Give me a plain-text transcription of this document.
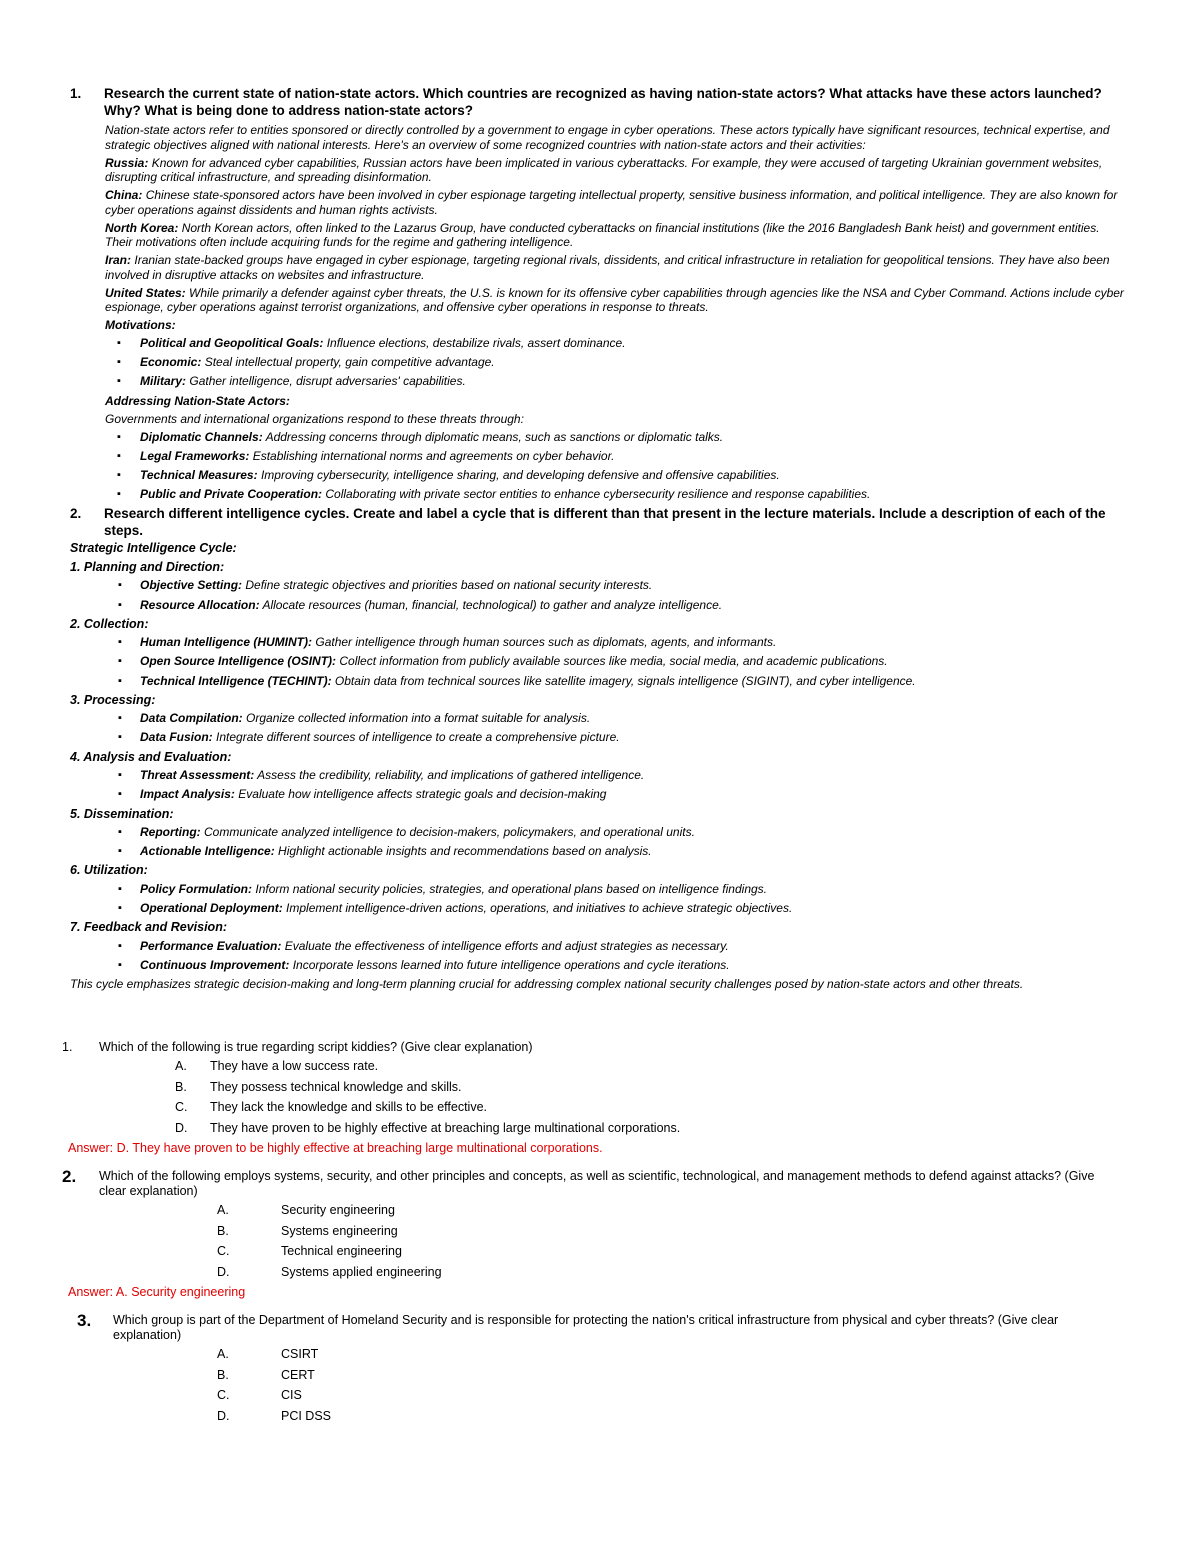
1.	Research the current state of nation-state actors. Which countries are recognized as having nation-state actors? What attacks have these actors launched? Why? What is being done to address nation-state actors?

Nation-state actors refer to entities sponsored or directly controlled by a government to engage in cyber operations. These actors typically have significant resources, technical expertise, and strategic objectives aligned with national interests. Here's an overview of some recognized countries with nation-state actors and their activities:

Russia: Known for advanced cyber capabilities, Russian actors have been implicated in various cyberattacks. For example, they were accused of targeting Ukrainian government websites, disrupting critical infrastructure, and spreading disinformation.

China: Chinese state-sponsored actors have been involved in cyber espionage targeting intellectual property, sensitive business information, and political intelligence. They are also known for cyber operations against dissidents and human rights activists.

North Korea: North Korean actors, often linked to the Lazarus Group, have conducted cyberattacks on financial institutions (like the 2016 Bangladesh Bank heist) and government entities. Their motivations often include acquiring funds for the regime and gathering intelligence.

Iran: Iranian state-backed groups have engaged in cyber espionage, targeting regional rivals, dissidents, and critical infrastructure in retaliation for geopolitical tensions. They have also been involved in disruptive attacks on websites and infrastructure.

United States: While primarily a defender against cyber threats, the U.S. is known for its offensive cyber capabilities through agencies like the NSA and Cyber Command. Actions include cyber espionage, cyber operations against terrorist organizations, and offensive cyber operations in response to threats.

Motivations:

▪ Political and Geopolitical Goals: Influence elections, destabilize rivals, assert dominance.
▪ Economic: Steal intellectual property, gain competitive advantage.
▪ Military: Gather intelligence, disrupt adversaries' capabilities.

Addressing Nation-State Actors:

Governments and international organizations respond to these threats through:

▪ Diplomatic Channels: Addressing concerns through diplomatic means, such as sanctions or diplomatic talks.
▪ Legal Frameworks: Establishing international norms and agreements on cyber behavior.
▪ Technical Measures: Improving cybersecurity, intelligence sharing, and developing defensive and offensive capabilities.
▪ Public and Private Cooperation: Collaborating with private sector entities to enhance cybersecurity resilience and response capabilities.
2.	Research different intelligence cycles. Create and label a cycle that is different than that present in the lecture materials. Include a description of each of the steps.

Strategic Intelligence Cycle:

1. Planning and Direction:

▪ Objective Setting: Define strategic objectives and priorities based on national security interests.
▪ Resource Allocation: Allocate resources (human, financial, technological) to gather and analyze intelligence.

2. Collection:

▪ Human Intelligence (HUMINT): Gather intelligence through human sources such as diplomats, agents, and informants.
▪ Open Source Intelligence (OSINT): Collect information from publicly available sources like media, social media, and academic publications.
▪ Technical Intelligence (TECHINT): Obtain data from technical sources like satellite imagery, signals intelligence (SIGINT), and cyber intelligence.

3. Processing:

▪ Data Compilation: Organize collected information into a format suitable for analysis.
▪ Data Fusion: Integrate different sources of intelligence to create a comprehensive picture.

4. Analysis and Evaluation:

▪ Threat Assessment: Assess the credibility, reliability, and implications of gathered intelligence.
▪ Impact Analysis: Evaluate how intelligence affects strategic goals and decision-making

5. Dissemination:

▪ Reporting: Communicate analyzed intelligence to decision-makers, policymakers, and operational units.
▪ Actionable Intelligence: Highlight actionable insights and recommendations based on analysis.

6. Utilization:

▪ Policy Formulation: Inform national security policies, strategies, and operational plans based on intelligence findings.
▪ Operational Deployment: Implement intelligence-driven actions, operations, and initiatives to achieve strategic objectives.

7. Feedback and Revision:

▪ Performance Evaluation: Evaluate the effectiveness of intelligence efforts and adjust strategies as necessary.
▪ Continuous Improvement: Incorporate lessons learned into future intelligence operations and cycle iterations.

This cycle emphasizes strategic decision-making and long-term planning crucial for addressing complex national security challenges posed by nation-state actors and other threats.

1.	Which of the following is true regarding script kiddies? (Give clear explanation)
A.	They have a low success rate.
B.	They possess technical knowledge and skills.
C.	They lack the knowledge and skills to be effective.
D.	They have proven to be highly effective at breaching large multinational corporations.

Answer: D. They have proven to be highly effective at breaching large multinational corporations.

2.	Which of the following employs systems, security, and other principles and concepts, as well as scientific, technological, and management methods to defend against attacks? (Give clear explanation)
A.	Security engineering
B.	Systems engineering
C.	Technical engineering
D.	Systems applied engineering

Answer: A. Security engineering

3.	Which group is part of the Department of Homeland Security and is responsible for protecting the nation's critical infrastructure from physical and cyber threats? (Give clear explanation)
A.	CSIRT
B.	CERT
C.	CIS
D.	PCI DSS
